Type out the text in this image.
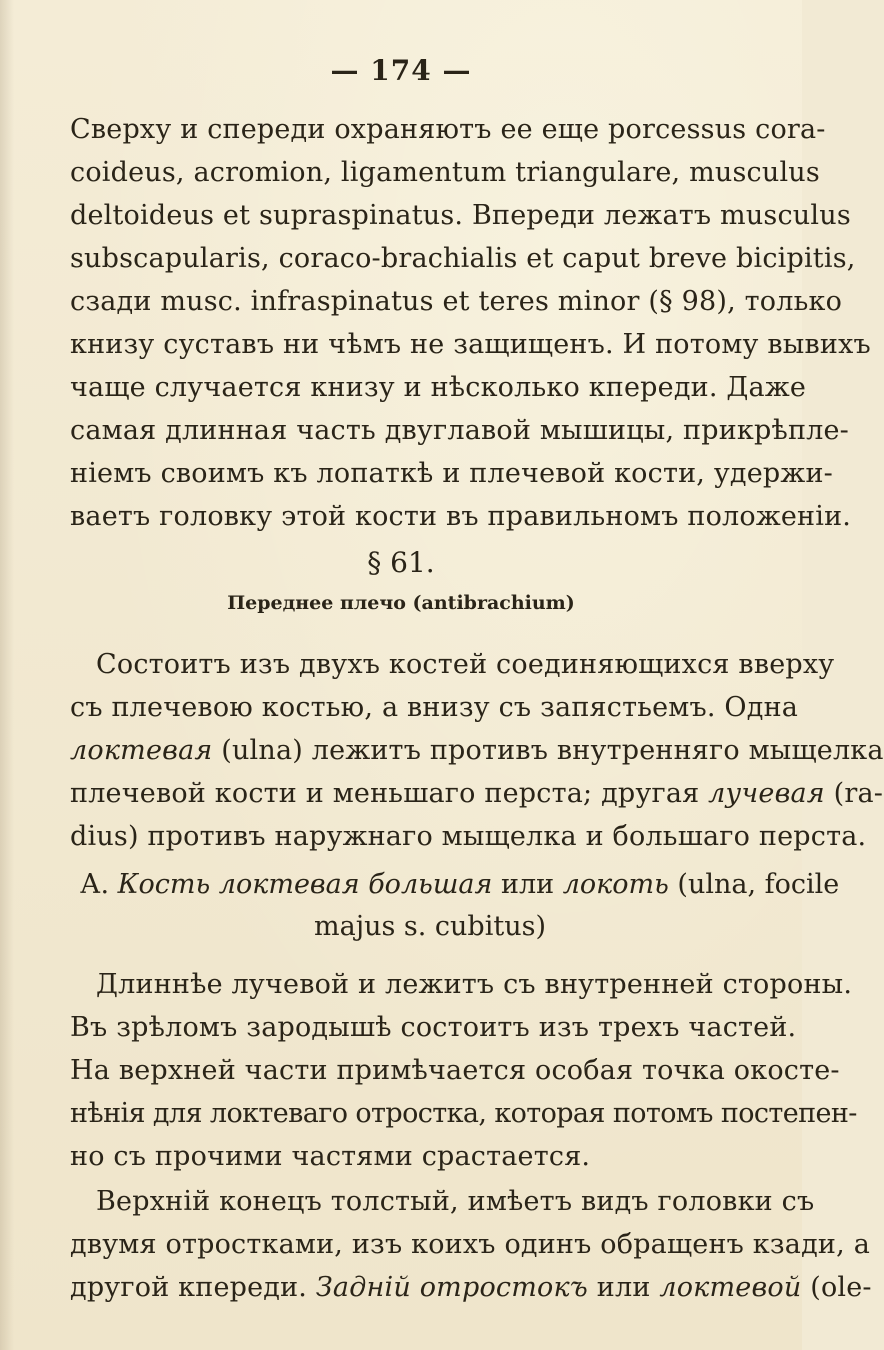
— 174 —
Сверху и спереди охраняютъ ее еще porcessus cora-
coideus, acromion, ligamentum triangulare, musculus
deltoideus et supraspinatus. Впереди лежатъ musculus
subscapularis, coraco-brachialis et caput breve bicipitis,
сзади musc. infraspinatus et teres minor (§ 98), только
книзу суставъ ни чѣмъ не защищенъ. И потому вывихъ
чаще случается книзу и нѣсколько кпереди. Даже
самая длинная часть двуглавой мышицы, прикрѣпле-
нiемъ своимъ къ лопаткѣ и плечевой кости, удержи-
ваетъ головку этой кости въ правильномъ положенiи.
§ 61.
Переднее плечо (antibrachium)
Состоитъ изъ двухъ костей соединяющихся вверху
съ плечевою костью, а внизу съ запястьемъ. Одна
локтевая (ulna) лежитъ противъ внутренняго мыщелка
плечевой кости и меньшаго перста; другая лучевая (ra-
dius) противъ наружнаго мыщелка и большаго перста.
А. Кость локтевая большая или локоть (ulna, focile
majus s. cubitus)
Длиннѣе лучевой и лежитъ съ внутренней стороны.
Въ зрѣломъ зародышѣ состоитъ изъ трехъ частей.
На верхней части примѣчается особая точка окосте-
нѣнiя для локтеваго отростка, которая потомъ постепен-
но съ прочими частями срастается.
Верхнiй конецъ толстый, имѣетъ видъ головки съ
двумя отростками, изъ коихъ одинъ обращенъ кзади, а
другой кпереди. Заднiй отростокъ или локтевой (ole-
